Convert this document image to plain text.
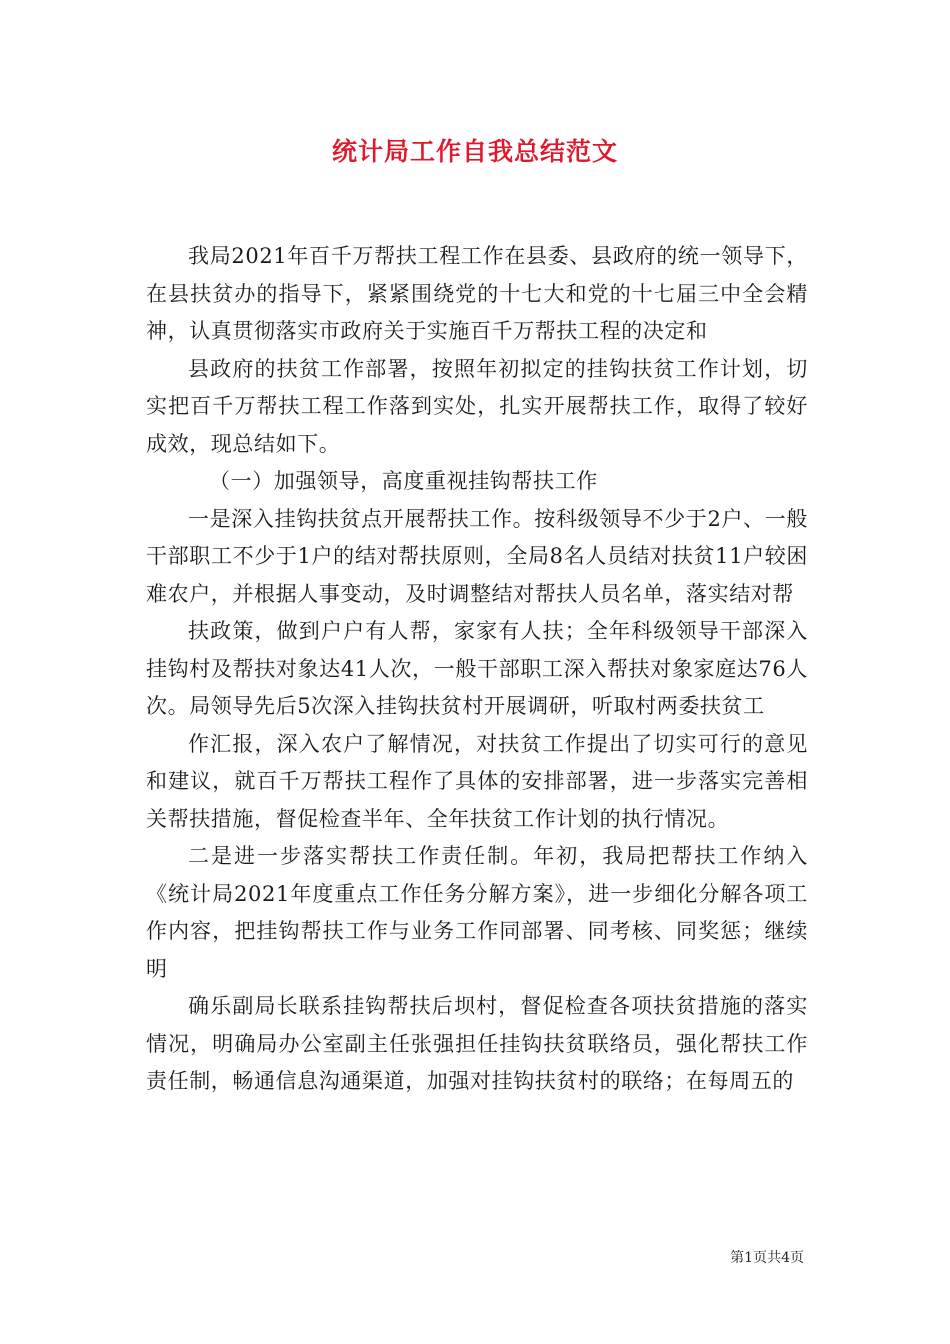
统计局工作自我总结范文

我局2021年百千万帮扶工程工作在县委、县政府的统一领导下，在县扶贫办的指导下，紧紧围绕党的十七大和党的十七届三中全会精神，认真贯彻落实市政府关于实施百千万帮扶工程的决定和

县政府的扶贫工作部署，按照年初拟定的挂钩扶贫工作计划，切实把百千万帮扶工程工作落到实处，扎实开展帮扶工作，取得了较好成效，现总结如下。

（一）加强领导，高度重视挂钩帮扶工作

一是深入挂钩扶贫点开展帮扶工作。按科级领导不少于2户、一般干部职工不少于1户的结对帮扶原则，全局8名人员结对扶贫11户较困难农户，并根据人事变动，及时调整结对帮扶人员名单，落实结对帮

扶政策，做到户户有人帮，家家有人扶；全年科级领导干部深入挂钩村及帮扶对象达41人次，一般干部职工深入帮扶对象家庭达76人次。局领导先后5次深入挂钩扶贫村开展调研，听取村两委扶贫工

作汇报，深入农户了解情况，对扶贫工作提出了切实可行的意见和建议，就百千万帮扶工程作了具体的安排部署，进一步落实完善相关帮扶措施，督促检查半年、全年扶贫工作计划的执行情况。

二是进一步落实帮扶工作责任制。年初，我局把帮扶工作纳入《统计局2021年度重点工作任务分解方案》，进一步细化分解各项工作内容，把挂钩帮扶工作与业务工作同部署、同考核、同奖惩；继续明

确乐副局长联系挂钩帮扶后坝村，督促检查各项扶贫措施的落实情况，明确局办公室副主任张强担任挂钩扶贫联络员，强化帮扶工作责任制，畅通信息沟通渠道，加强对挂钩扶贫村的联络；在每周五的

第1页共4页
